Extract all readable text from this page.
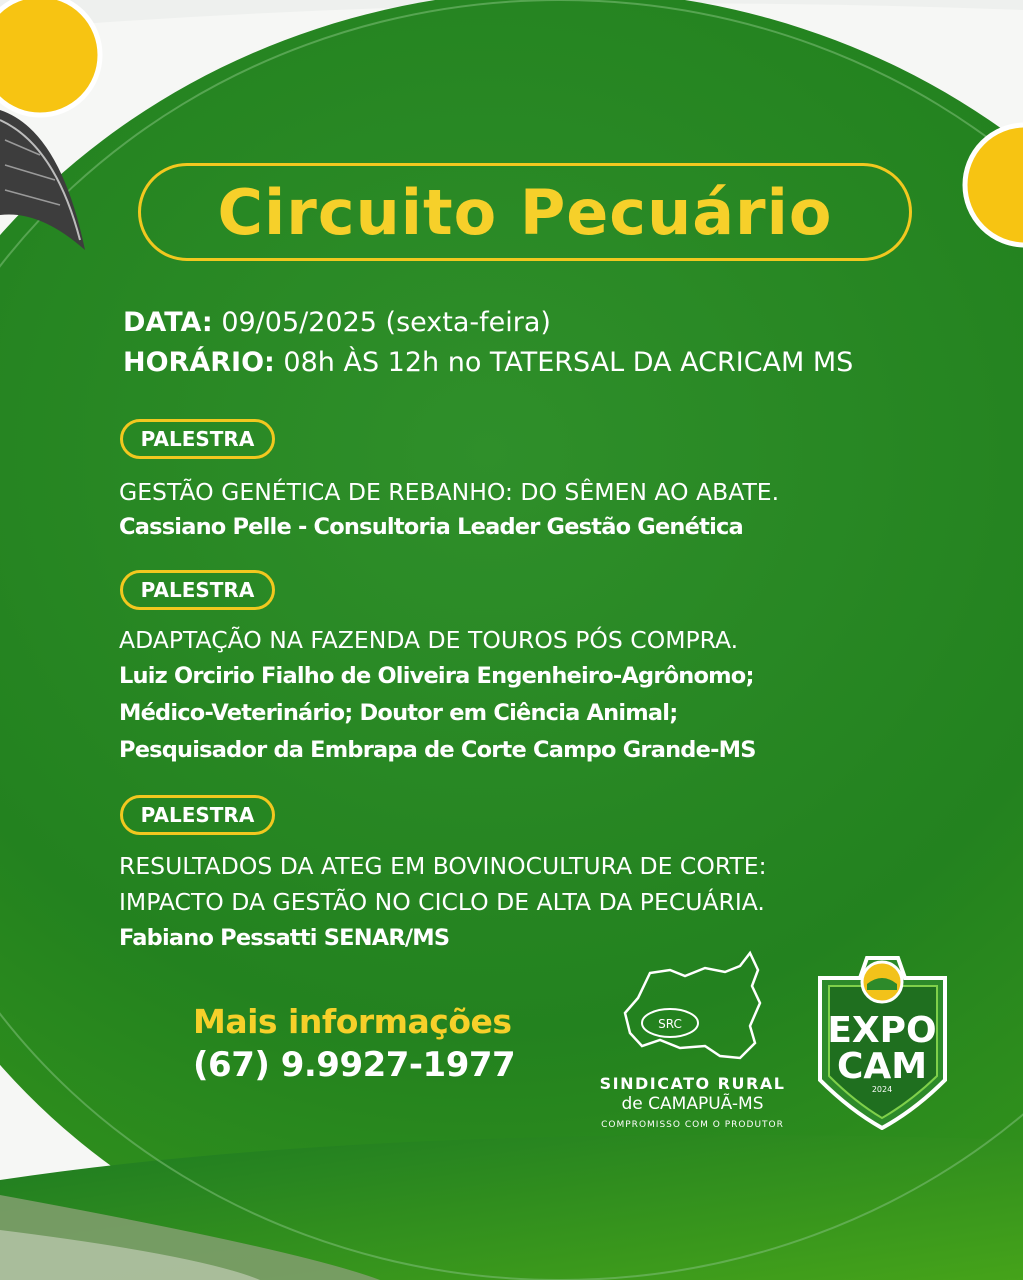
Circuito Pecuário
DATA: 09/05/2025 (sexta-feira)
HORÁRIO: 08h ÀS 12h no TATERSAL DA ACRICAM MS
PALESTRA
GESTÃO GENÉTICA DE REBANHO: DO SÊMEN AO ABATE.
Cassiano Pelle - Consultoria Leader Gestão Genética
PALESTRA
ADAPTAÇÃO NA FAZENDA DE TOUROS PÓS COMPRA.
Luiz Orcirio Fialho de Oliveira Engenheiro-Agrônomo;
Médico-Veterinário; Doutor em Ciência Animal;
Pesquisador da Embrapa de Corte Campo Grande-MS
PALESTRA
RESULTADOS DA ATEG EM BOVINOCULTURA DE CORTE:
IMPACTO DA GESTÃO NO CICLO DE ALTA DA PECUÁRIA.
Fabiano Pessatti SENAR/MS
Mais informações
(67) 9.9927-1977
SRC
SINDICATO RURAL
de CAMAPUÃ-MS
COMPROMISSO COM O PRODUTOR
EXPO
CAM
2024
